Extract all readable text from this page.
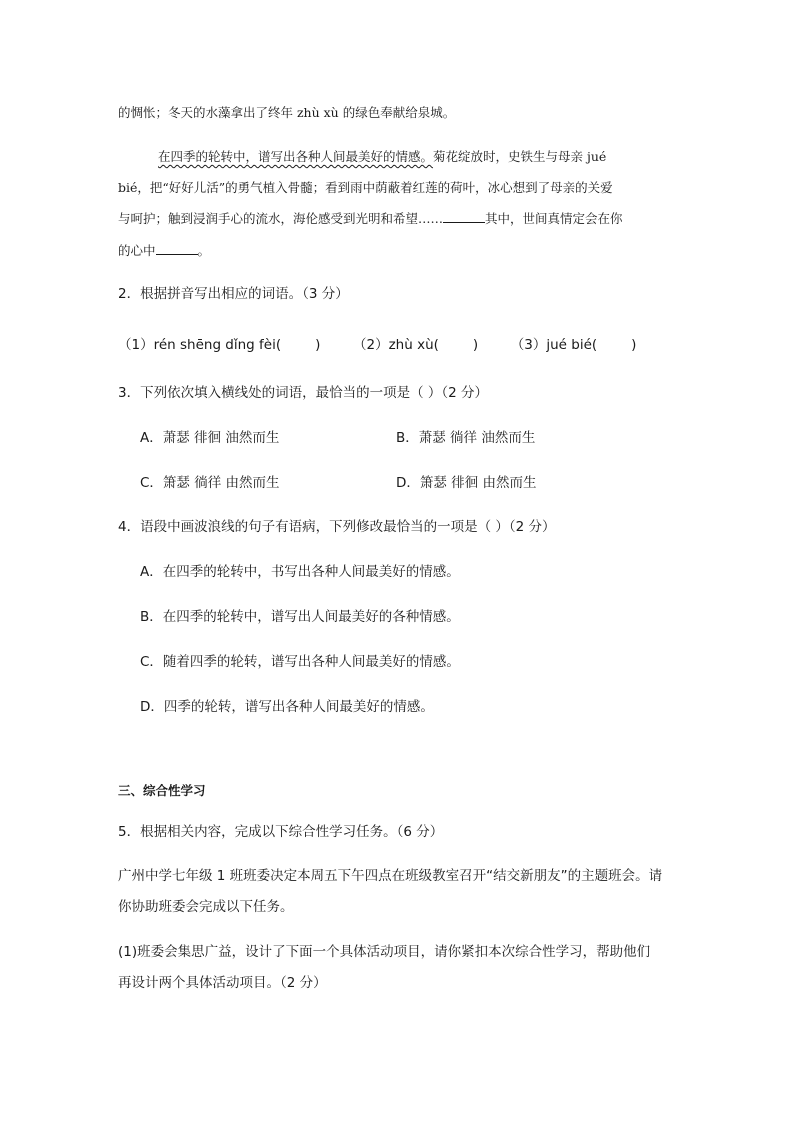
的惆怅；冬天的水藻拿出了终年 zhù xù 的绿色奉献给泉城。
在四季的轮转中，谱写出各种人间最美好的情感。菊花绽放时，史铁生与母亲 jué
bié，把“好好儿活”的勇气植入骨髓；看到雨中荫蔽着红莲的荷叶，冰心想到了母亲的关爱
与呵护；触到浸润手心的流水，海伦感受到光明和希望……	其中，世间真情定会在你
的心中	。
2．根据拼音写出相应的词语。（3 分）
（1）rén shēng dǐng fèi(	) （2）zhù xù(	) （3）jué bié(	)
3．下列依次填入横线处的词语，最恰当的一项是（ ）（2 分）
A．萧瑟 徘徊 油然而生	B．萧瑟 徜徉 油然而生
C．箫瑟 徜徉 由然而生	D．箫瑟 徘徊 由然而生
4．语段中画波浪线的句子有语病，下列修改最恰当的一项是（ ）（2 分）
A．在四季的轮转中，书写出各种人间最美好的情感。
B．在四季的轮转中，谱写出人间最美好的各种情感。
C．随着四季的轮转，谱写出各种人间最美好的情感。
D．四季的轮转，谱写出各种人间最美好的情感。
三、综合性学习
5．根据相关内容，完成以下综合性学习任务。（6 分）
广州中学七年级 1 班班委决定本周五下午四点在班级教室召开“结交新朋友”的主题班会。请
你协助班委会完成以下任务。
(1)班委会集思广益，设计了下面一个具体活动项目，请你紧扣本次综合性学习，帮助他们
再设计两个具体活动项目。（2 分）
